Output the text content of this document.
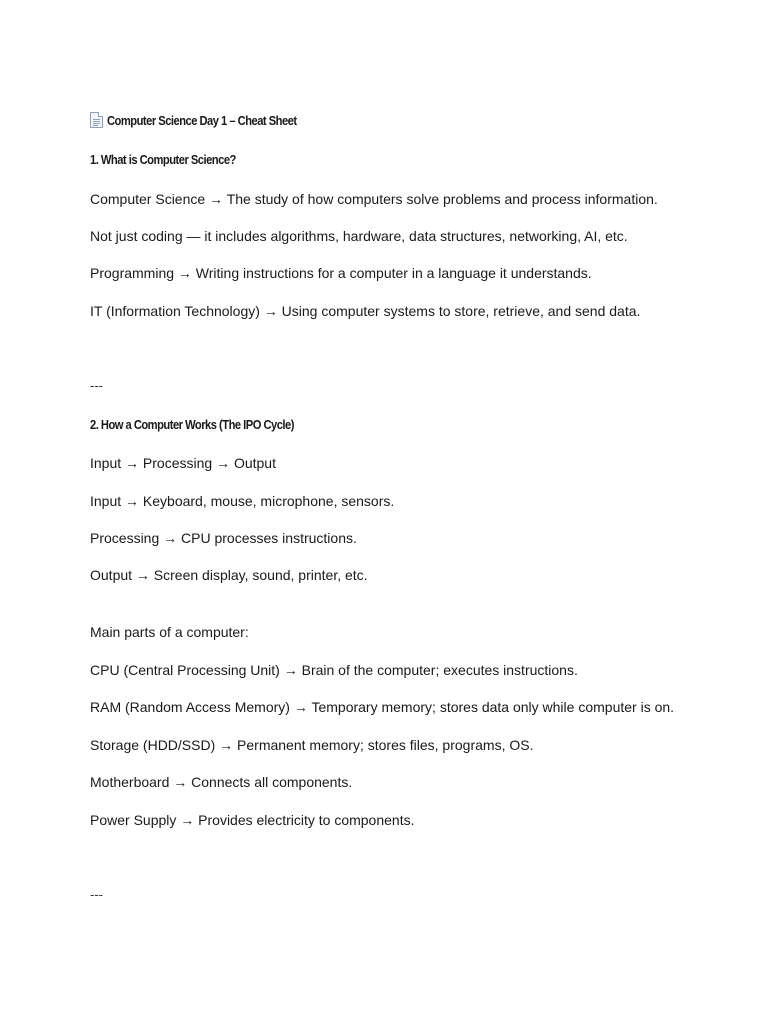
Computer Science Day 1 – Cheat Sheet
1. What is Computer Science?
Computer Science → The study of how computers solve problems and process information.
Not just coding — it includes algorithms, hardware, data structures, networking, AI, etc.
Programming → Writing instructions for a computer in a language it understands.
IT (Information Technology) → Using computer systems to store, retrieve, and send data.
---
2. How a Computer Works (The IPO Cycle)
Input → Processing → Output
Input → Keyboard, mouse, microphone, sensors.
Processing → CPU processes instructions.
Output → Screen display, sound, printer, etc.
Main parts of a computer:
CPU (Central Processing Unit) → Brain of the computer; executes instructions.
RAM (Random Access Memory) → Temporary memory; stores data only while computer is on.
Storage (HDD/SSD) → Permanent memory; stores files, programs, OS.
Motherboard → Connects all components.
Power Supply → Provides electricity to components.
---
